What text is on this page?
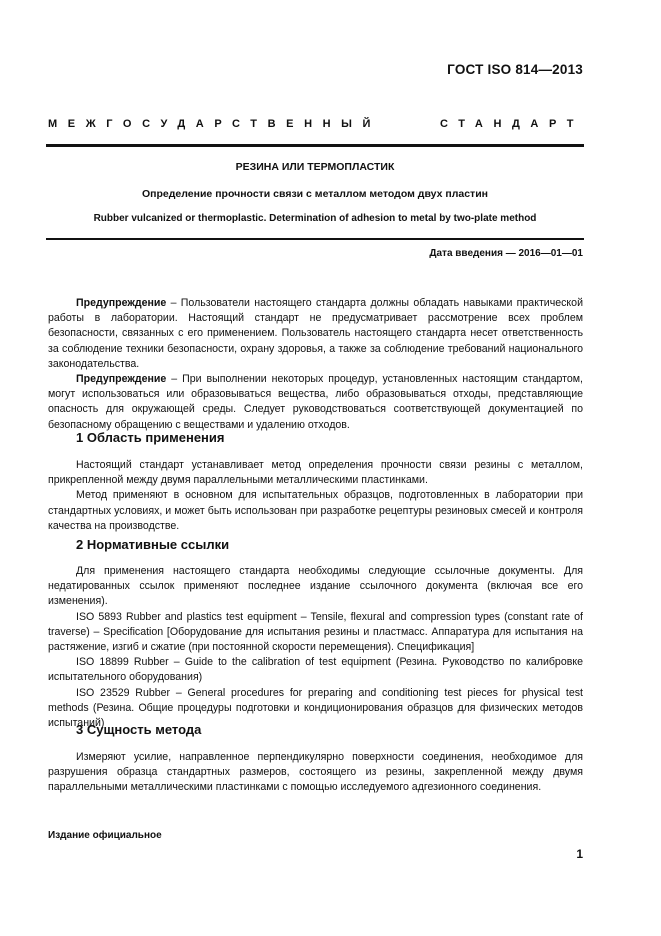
ГОСТ ISO 814—2013
МЕЖГОСУДАРСТВЕННЫЙ	СТАНДАРТ
РЕЗИНА ИЛИ ТЕРМОПЛАСТИК
Определение прочности связи с металлом методом двух пластин
Rubber vulcanized or thermoplastic. Determination of adhesion to metal by two-plate method
Дата введения — 2016—01—01

Предупреждение – Пользователи настоящего стандарта должны обладать навыками практической работы в лаборатории. Настоящий стандарт не предусматривает рассмотрение всех проблем безопасности, связанных с его применением. Пользователь настоящего стандарта несет ответственность за соблюдение техники безопасности, охрану здоровья, а также за соблюдение требований национального законодательства.

Предупреждение – При выполнении некоторых процедур, установленных настоящим стандартом, могут использоваться или образовываться вещества, либо образовываться отходы, представляющие опасность для окружающей среды. Следует руководствоваться соответствующей документацией по безопасному обращению с веществами и удалению отходов.

1 Область применения

Настоящий стандарт устанавливает метод определения прочности связи резины с металлом, прикрепленной между двумя параллельными металлическими пластинками.

Метод применяют в основном для испытательных образцов, подготовленных в лаборатории при стандартных условиях, и может быть использован при разработке рецептуры резиновых смесей и контроля качества на производстве.

2 Нормативные ссылки

Для применения настоящего стандарта необходимы следующие ссылочные документы. Для недатированных ссылок применяют последнее издание ссылочного документа (включая все его изменения).

ISO 5893 Rubber and plastics test equipment – Tensile, flexural and compression types (constant rate of traverse) – Specification [Оборудование для испытания резины и пластмасс. Аппаратура для испытания на растяжение, изгиб и сжатие (при постоянной скорости перемещения). Спецификация]

ISO 18899 Rubber – Guide to the calibration of test equipment (Резина. Руководство по калибровке испытательного оборудования)

ISO 23529 Rubber – General procedures for preparing and conditioning test pieces for physical test methods (Резина. Общие процедуры подготовки и кондиционирования образцов для физических методов испытаний)

3 Сущность метода

Измеряют усилие, направленное перпендикулярно поверхности соединения, необходимое для разрушения образца стандартных размеров, состоящего из резины, закрепленной между двумя параллельными металлическими пластинками с помощью исследуемого адгезионного соединения.

Издание официальное
1
